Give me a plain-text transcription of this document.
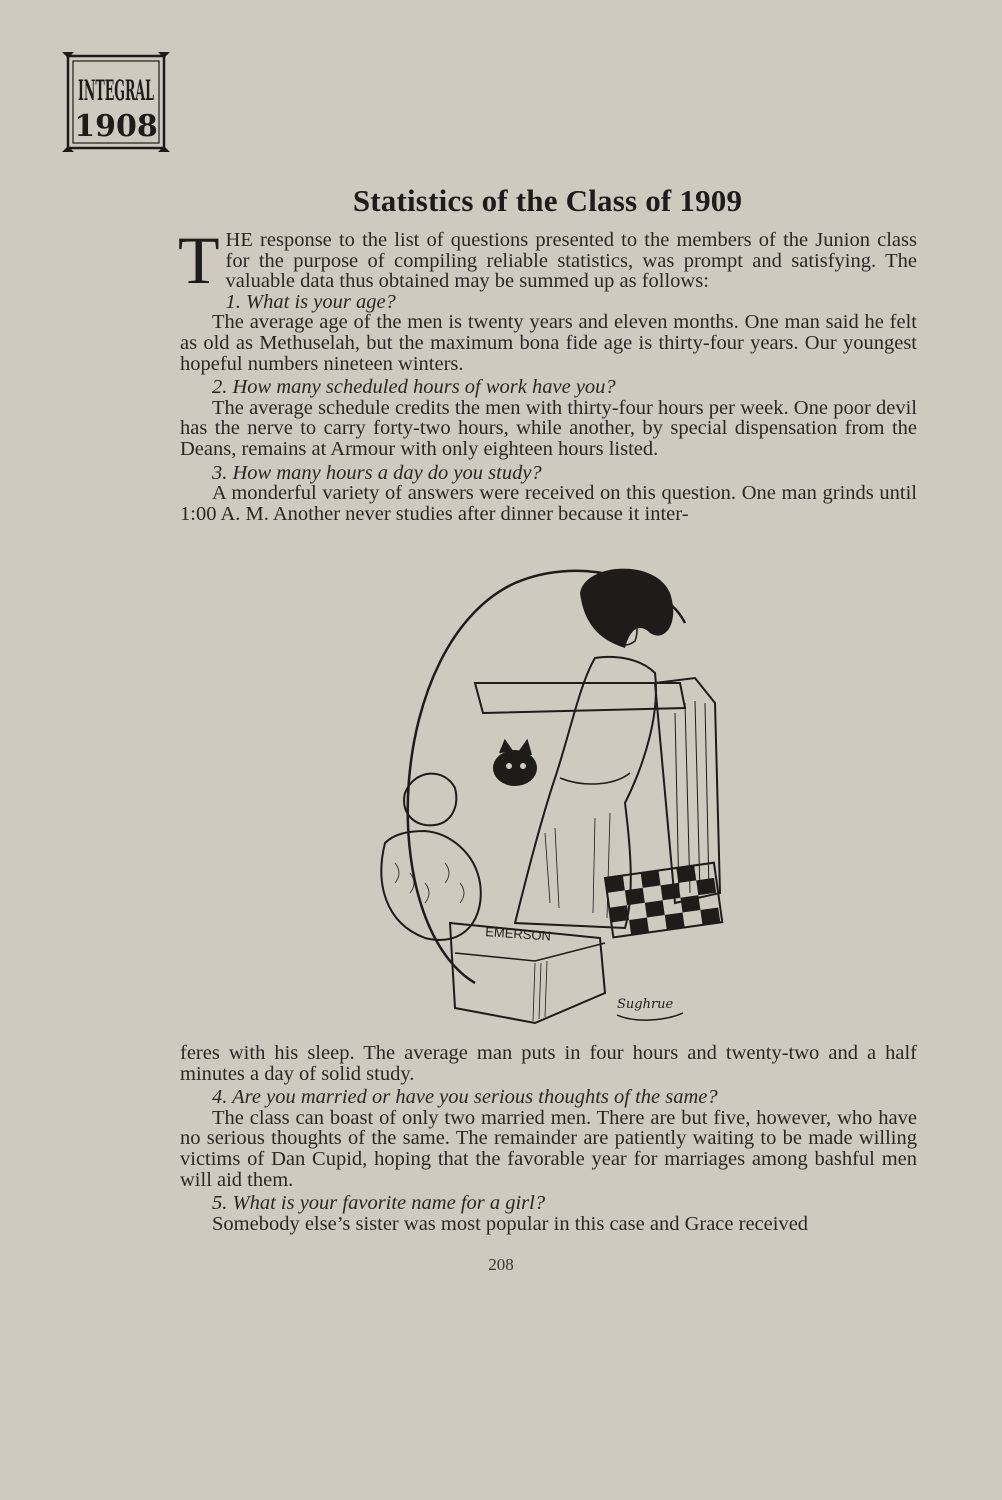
INTEGRAL
1908
Statistics of the Class of 1909

THE response to the list of questions presented to the members of the Junion class for the purpose of compiling reliable statistics, was prompt and satisfying. The valuable data thus obtained may be summed up as follows:

1. What is your age?

The average age of the men is twenty years and eleven months. One man said he felt as old as Methuselah, but the maximum bona fide age is thirty-four years. Our youngest hopeful numbers nineteen winters.

2. How many scheduled hours of work have you?

The average schedule credits the men with thirty-four hours per week. One poor devil has the nerve to carry forty-two hours, while another, by special dispensation from the Deans, remains at Armour with only eighteen hours listed.

3. How many hours a day do you study?

A monderful variety of answers were received on this question. One man grinds until 1:00 A. M. Another never studies after dinner because it inter-

EMERSON
Sughrue

feres with his sleep. The average man puts in four hours and twenty-two and a half minutes a day of solid study.

4. Are you married or have you serious thoughts of the same?

The class can boast of only two married men. There are but five, however, who have no serious thoughts of the same. The remainder are patiently waiting to be made willing victims of Dan Cupid, hoping that the favorable year for marriages among bashful men will aid them.

5. What is your favorite name for a girl?

Somebody else’s sister was most popular in this case and Grace received

208
